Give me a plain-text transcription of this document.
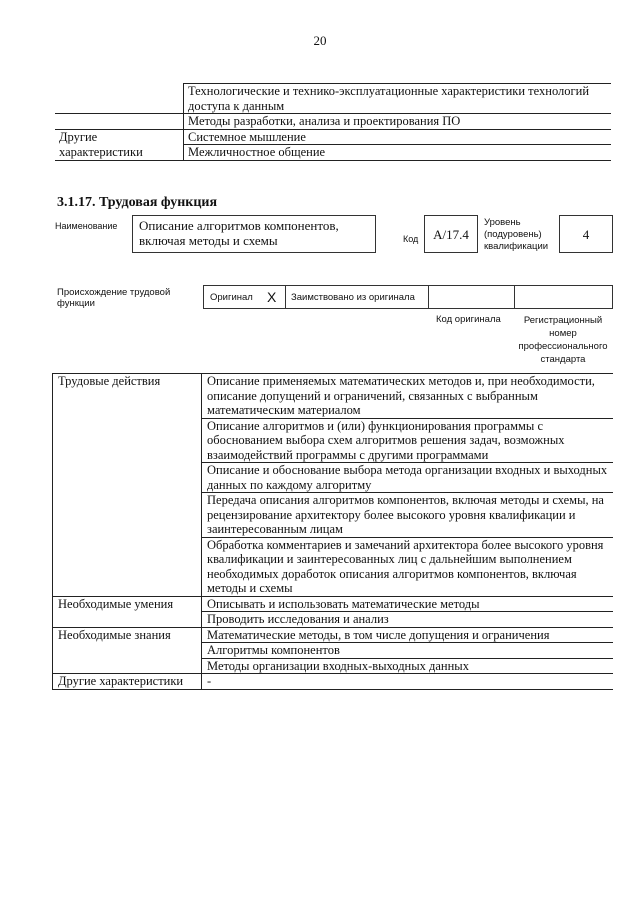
20
	Технологические и технико-эксплуатационные характеристики технологий доступа к данным
	Методы разработки, анализа и проектирования ПО
Другие	Системное мышление
характеристики	Межличностное общение
3.1.17. Трудовая функция
Наименование	Описание алгоритмов компонентов, включая методы и схемы	Код	A/17.4
Уровень
(подуровень)
квалификации
4
Происхождение трудовой функции
Оригинал X Заимствовано из оригинала
Код оригинала	Регистрационный номер профессионального стандарта
Трудовые действия	Описание применяемых математических методов и, при необходимости, описание допущений и ограничений, связанных с выбранным математическим материалом
	Описание алгоритмов и (или) функционирования программы с обоснованием выбора схем алгоритмов решения задач, возможных взаимодействий программы с другими программами
	Описание и обоснование выбора метода организации входных и выходных данных по каждому алгоритму
	Передача описания алгоритмов компонентов, включая методы и схемы, на рецензирование архитектору более высокого уровня квалификации и заинтересованным лицам
	Обработка комментариев и замечаний архитектора более высокого уровня квалификации и заинтересованных лиц с дальнейшим выполнением необходимых доработок описания алгоритмов компонентов, включая методы и схемы
Необходимые умения	Описывать и использовать математические методы
	Проводить исследования и анализ
Необходимые знания	Математические методы, в том числе допущения и ограничения
	Алгоритмы компонентов
	Методы организации входных-выходных данных
Другие характеристики	-
